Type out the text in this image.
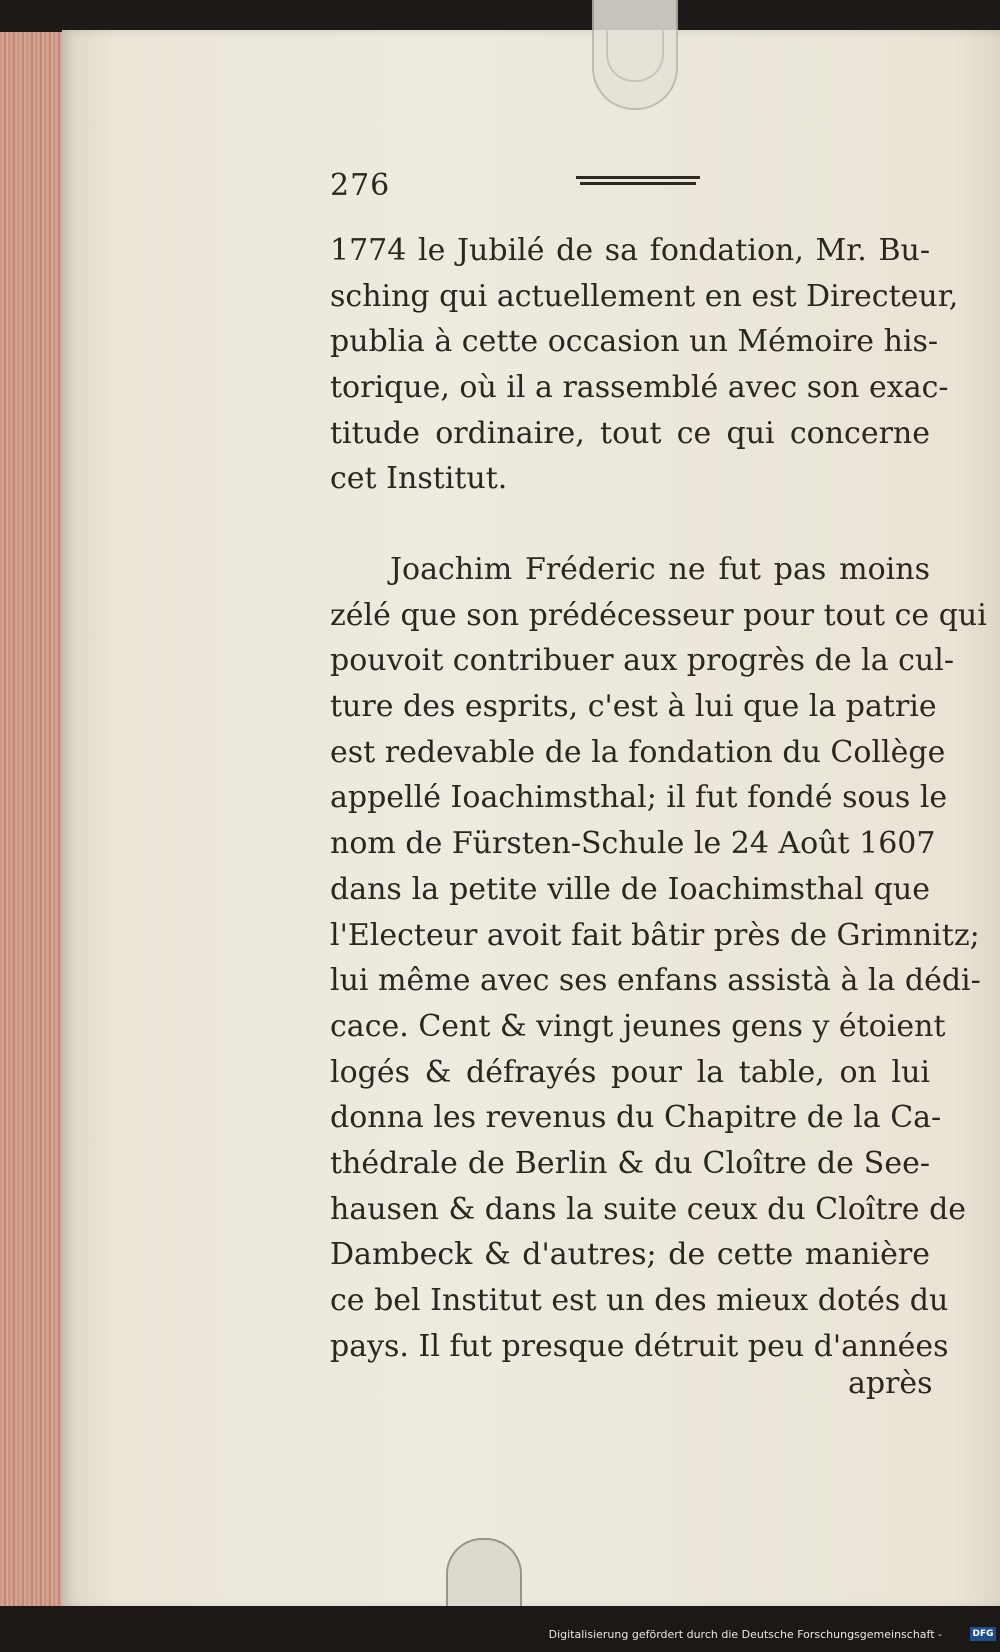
276
1774 le Jubilé de sa fondation, Mr. Bu-
sching qui actuellement en est Directeur,
publia à cette occasion un Mémoire his-
torique, où il a rassemblé avec son exac-
titude ordinaire, tout ce qui concerne
cet Institut.
Joachim Fréderic ne fut pas moins
zélé que son prédécesseur pour tout ce qui
pouvoit contribuer aux progrès de la cul-
ture des esprits, c'est à lui que la patrie
est redevable de la fondation du Collège
appellé Ioachimsthal; il fut fondé sous le
nom de Fürsten-Schule le 24 Août 1607
dans la petite ville de Ioachimsthal que
l'Electeur avoit fait bâtir près de Grimnitz;
lui même avec ses enfans assistà à la dédi-
cace. Cent & vingt jeunes gens y étoient
logés & défrayés pour la table, on lui
donna les revenus du Chapitre de la Ca-
thédrale de Berlin & du Cloître de See-
hausen & dans la suite ceux du Cloître de
Dambeck & d'autres; de cette manière
ce bel Institut est un des mieux dotés du
pays. Il fut presque détruit peu d'années
après
Digitalisierung gefördert durch die Deutsche Forschungsgemeinschaft -	DFG
